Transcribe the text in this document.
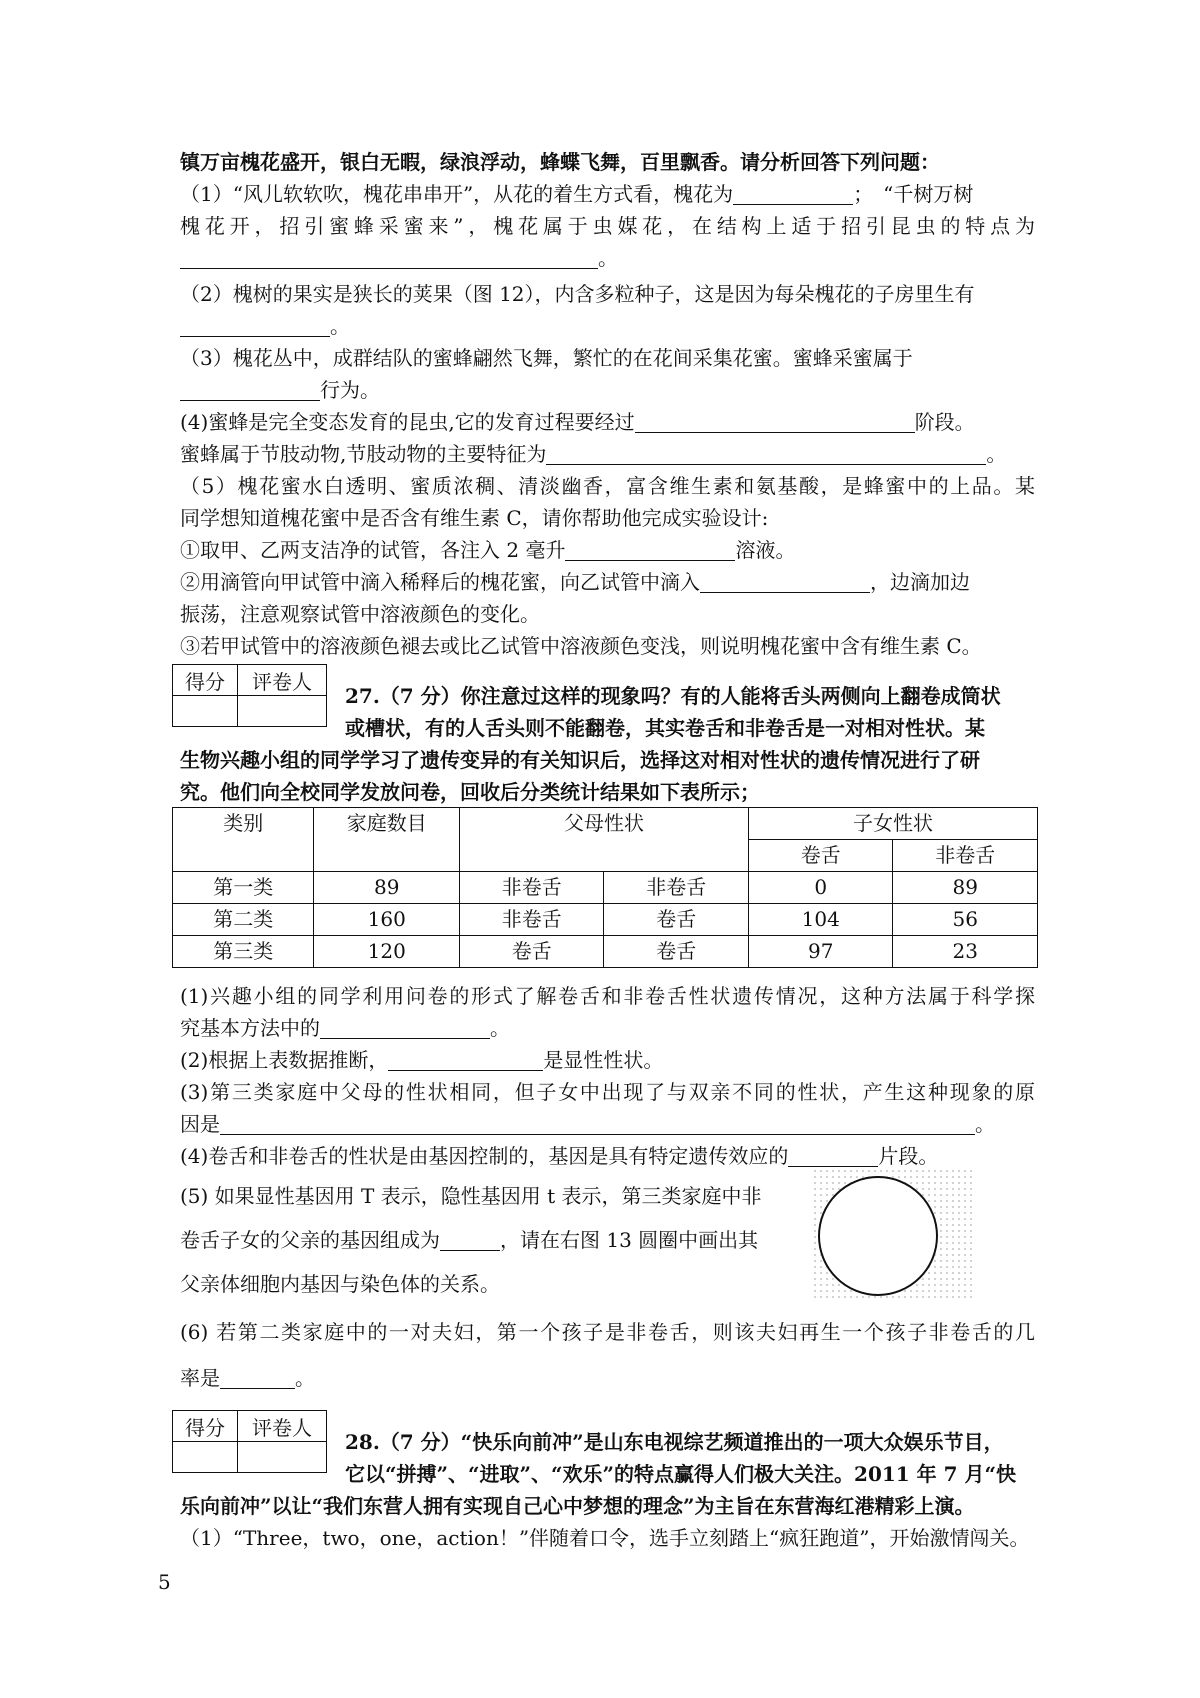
镇万亩槐花盛开，银白无暇，绿浪浮动，蜂蝶飞舞，百里飘香。请分析回答下列问题：
（1）“风儿软软吹，槐花串串开”，从花的着生方式看，槐花为	；　“千树万树
槐花开，招引蜜蜂采蜜来”，槐花属于虫媒花，在结构上适于招引昆虫的特点为
。
（2）槐树的果实是狭长的荚果（图 12），内含多粒种子，这是因为每朵槐花的子房里生有
。
（3）槐花丛中，成群结队的蜜蜂翩然飞舞，繁忙的在花间采集花蜜。蜜蜂采蜜属于
行为。
(4)蜜蜂是完全变态发育的昆虫,它的发育过程要经过	阶段。
蜜蜂属于节肢动物,节肢动物的主要特征为	。
（5）槐花蜜水白透明、蜜质浓稠、清淡幽香，富含维生素和氨基酸，是蜂蜜中的上品。某
同学想知道槐花蜜中是否含有维生素 C，请你帮助他完成实验设计:
①取甲、乙两支洁净的试管，各注入 2 毫升	溶液。
②用滴管向甲试管中滴入稀释后的槐花蜜，向乙试管中滴入	，边滴加边
振荡，注意观察试管中溶液颜色的变化。
③若甲试管中的溶液颜色褪去或比乙试管中溶液颜色变浅，则说明槐花蜜中含有维生素 C。
得分	评卷人

27.（7 分）你注意过这样的现象吗？有的人能将舌头两侧向上翻卷成筒状
或槽状，有的人舌头则不能翻卷，其实卷舌和非卷舌是一对相对性状。某
生物兴趣小组的同学学习了遗传变异的有关知识后，选择这对相对性状的遗传情况进行了研
究。他们向全校同学发放问卷，回收后分类统计结果如下表所示；
类别	家庭数目	父母性状		子女性状	
				卷舌	非卷舌
第一类	89	非卷舌	非卷舌	0	89
第二类	160	非卷舌	卷舌	104	56
第三类	120	卷舌	卷舌	97	23
(1)兴趣小组的同学利用问卷的形式了解卷舌和非卷舌性状遗传情况，这种方法属于科学探
究基本方法中的	。
(2)根据上表数据推断，	是显性性状。
(3)第三类家庭中父母的性状相同，但子女中出现了与双亲不同的性状，产生这种现象的原
因是	。
(4)卷舌和非卷舌的性状是由基因控制的，基因是具有特定遗传效应的	片段。
(5) 如果显性基因用 T 表示，隐性基因用 t 表示，第三类家庭中非
卷舌子女的父亲的基因组成为	，请在右图 13 圆圈中画出其
父亲体细胞内基因与染色体的关系。
(6) 若第二类家庭中的一对夫妇，第一个孩子是非卷舌，则该夫妇再生一个孩子非卷舌的几
率是	。
得分	评卷人

28.（7 分）“快乐向前冲”是山东电视综艺频道推出的一项大众娱乐节目，
它以“拼搏”、“进取”、“欢乐”的特点赢得人们极大关注。2011 年 7 月“快
乐向前冲”以让“我们东营人拥有实现自己心中梦想的理念”为主旨在东营海红港精彩上演。
（1）“Three，two，one，action！”伴随着口令，选手立刻踏上“疯狂跑道”，开始激情闯关。
5
